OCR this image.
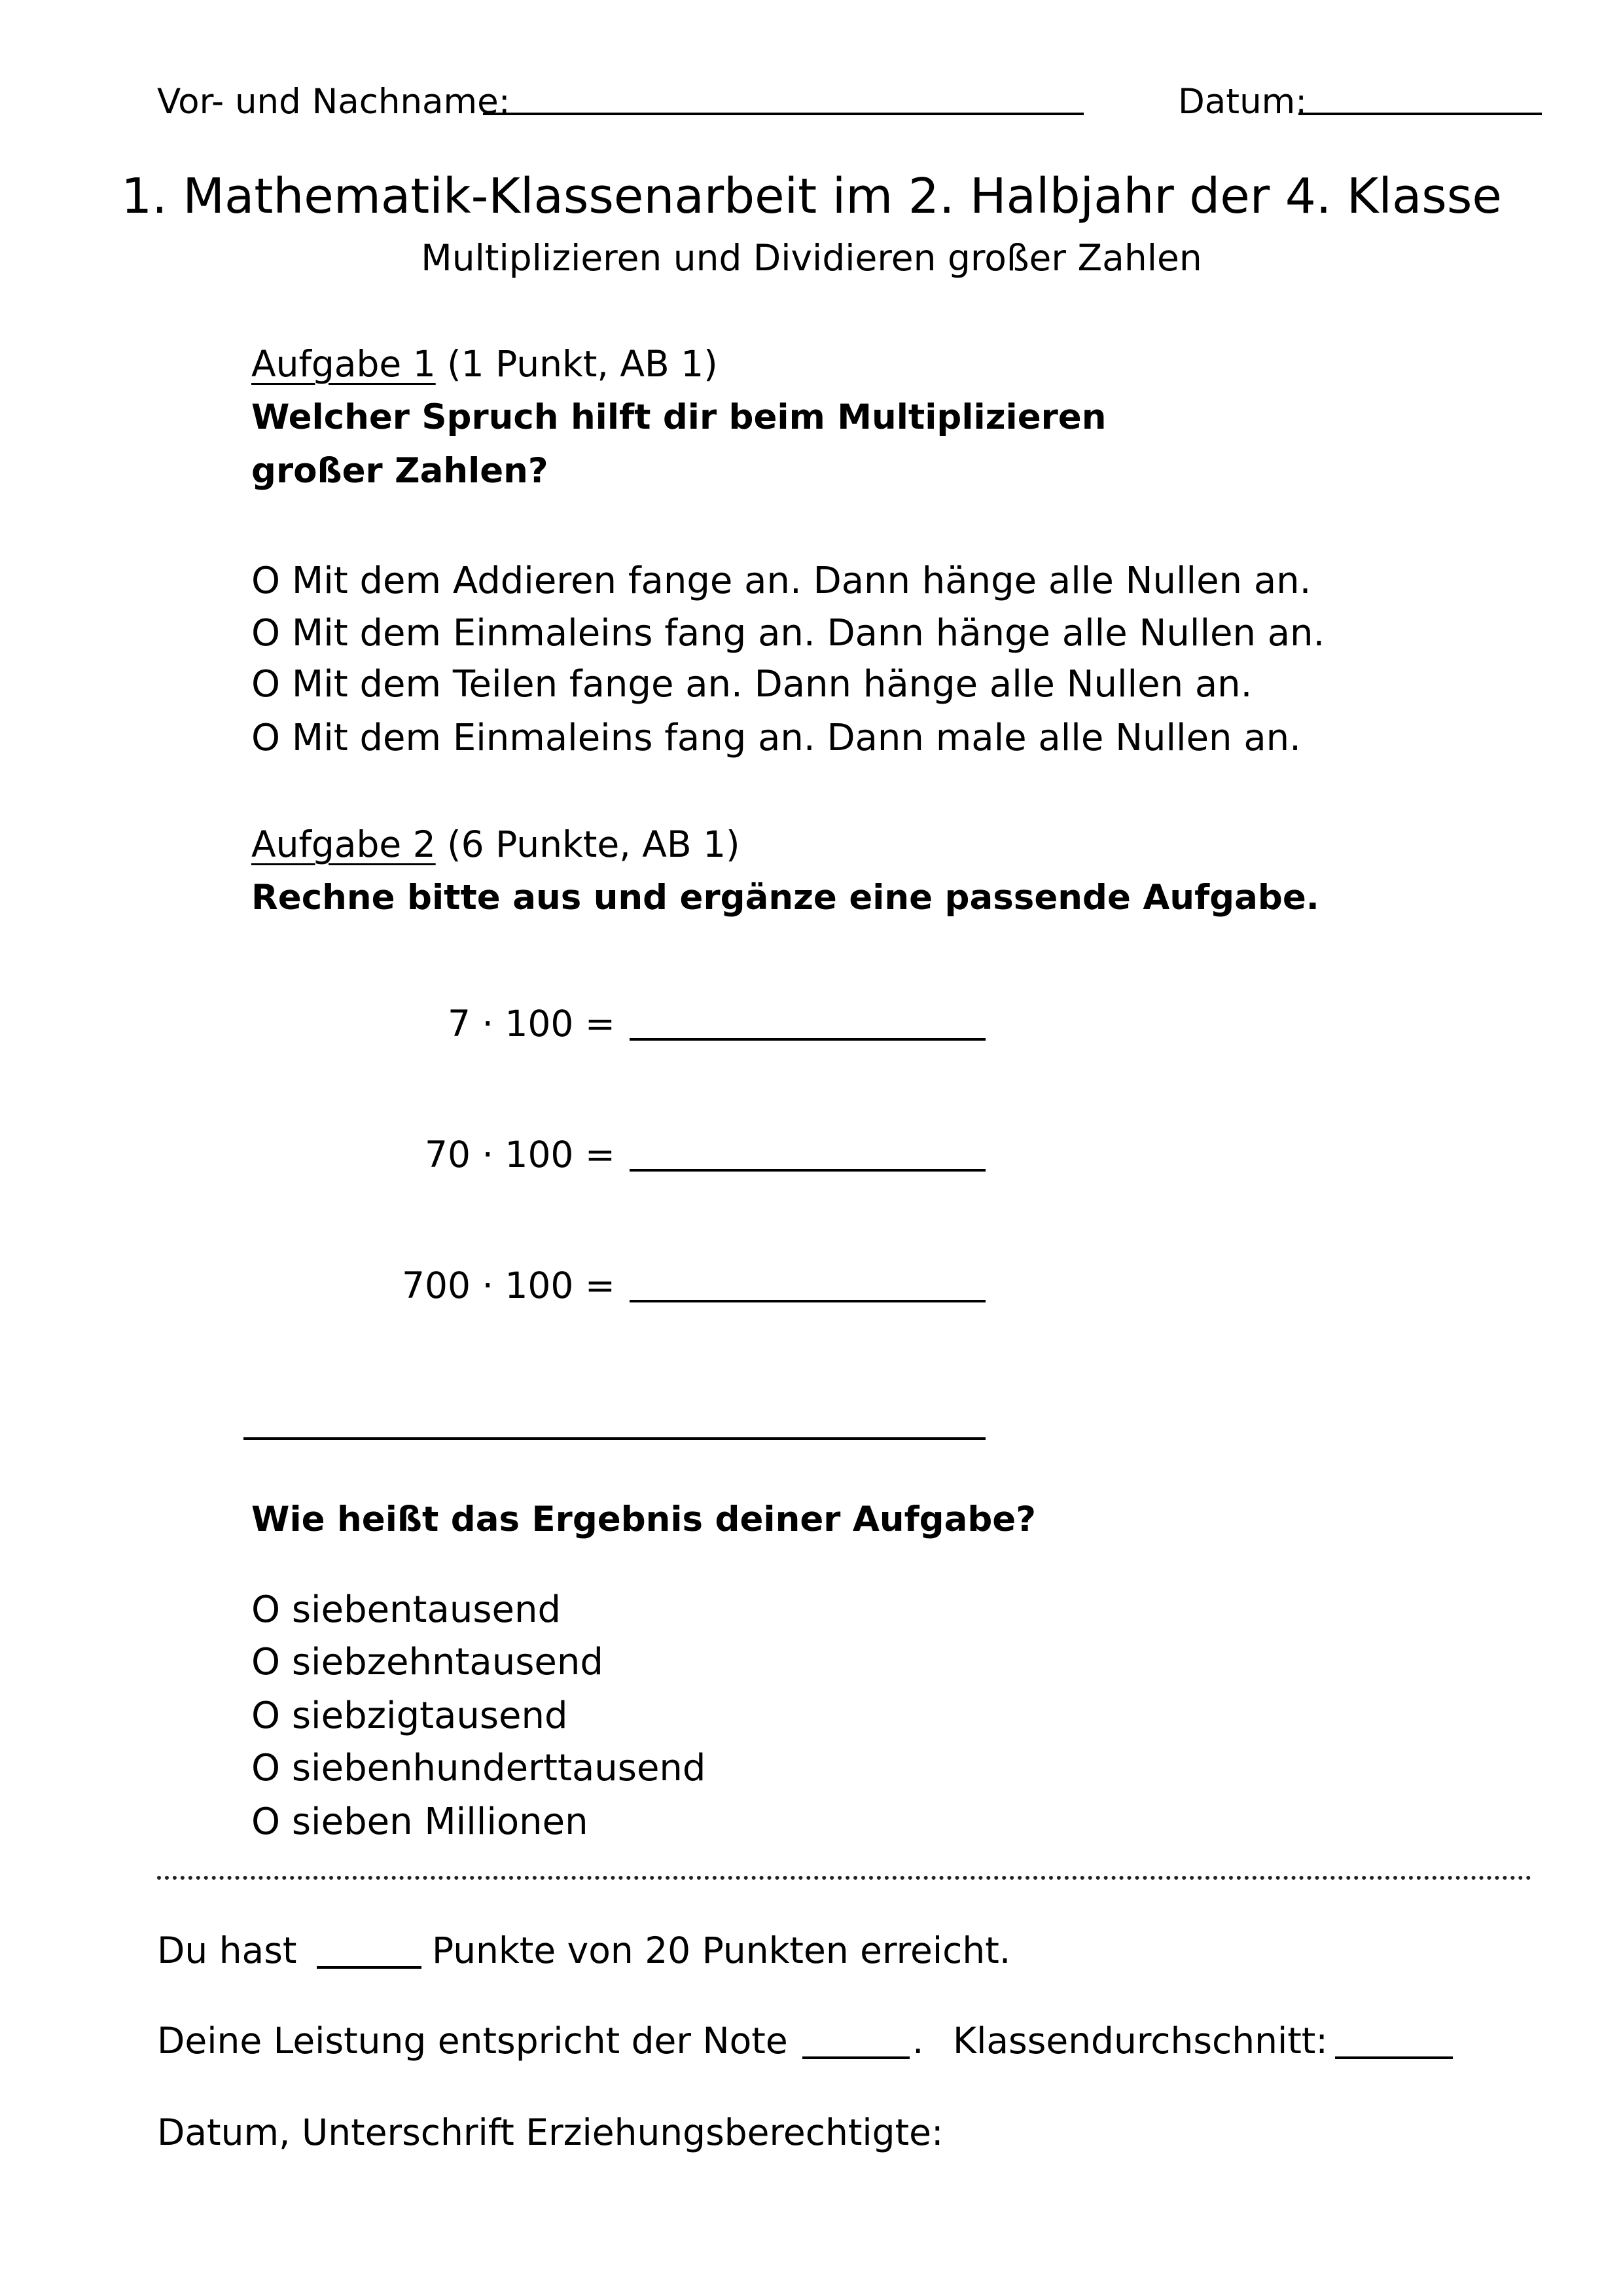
Vor- und Nachname:	Datum:
1. Mathematik-Klassenarbeit im 2. Halbjahr der 4. Klasse
Multiplizieren und Dividieren großer Zahlen
Aufgabe 1 (1 Punkt, AB 1)
Welcher Spruch hilft dir beim Multiplizieren
großer Zahlen?
O Mit dem Addieren fange an. Dann hänge alle Nullen an.
O Mit dem Einmaleins fang an. Dann hänge alle Nullen an.
O Mit dem Teilen fange an. Dann hänge alle Nullen an.
O Mit dem Einmaleins fang an. Dann male alle Nullen an.
Aufgabe 2 (6 Punkte, AB 1)
Rechne bitte aus und ergänze eine passende Aufgabe.
7 · 100 =
70 · 100 =
700 · 100 =
Wie heißt das Ergebnis deiner Aufgabe?
O siebentausend
O siebzehntausend
O siebzigtausend
O siebenhunderttausend
O sieben Millionen
Du hast	Punkte von 20 Punkten erreicht.
Deine Leistung entspricht der Note	. Klassendurchschnitt:
Datum, Unterschrift Erziehungsberechtigte:
